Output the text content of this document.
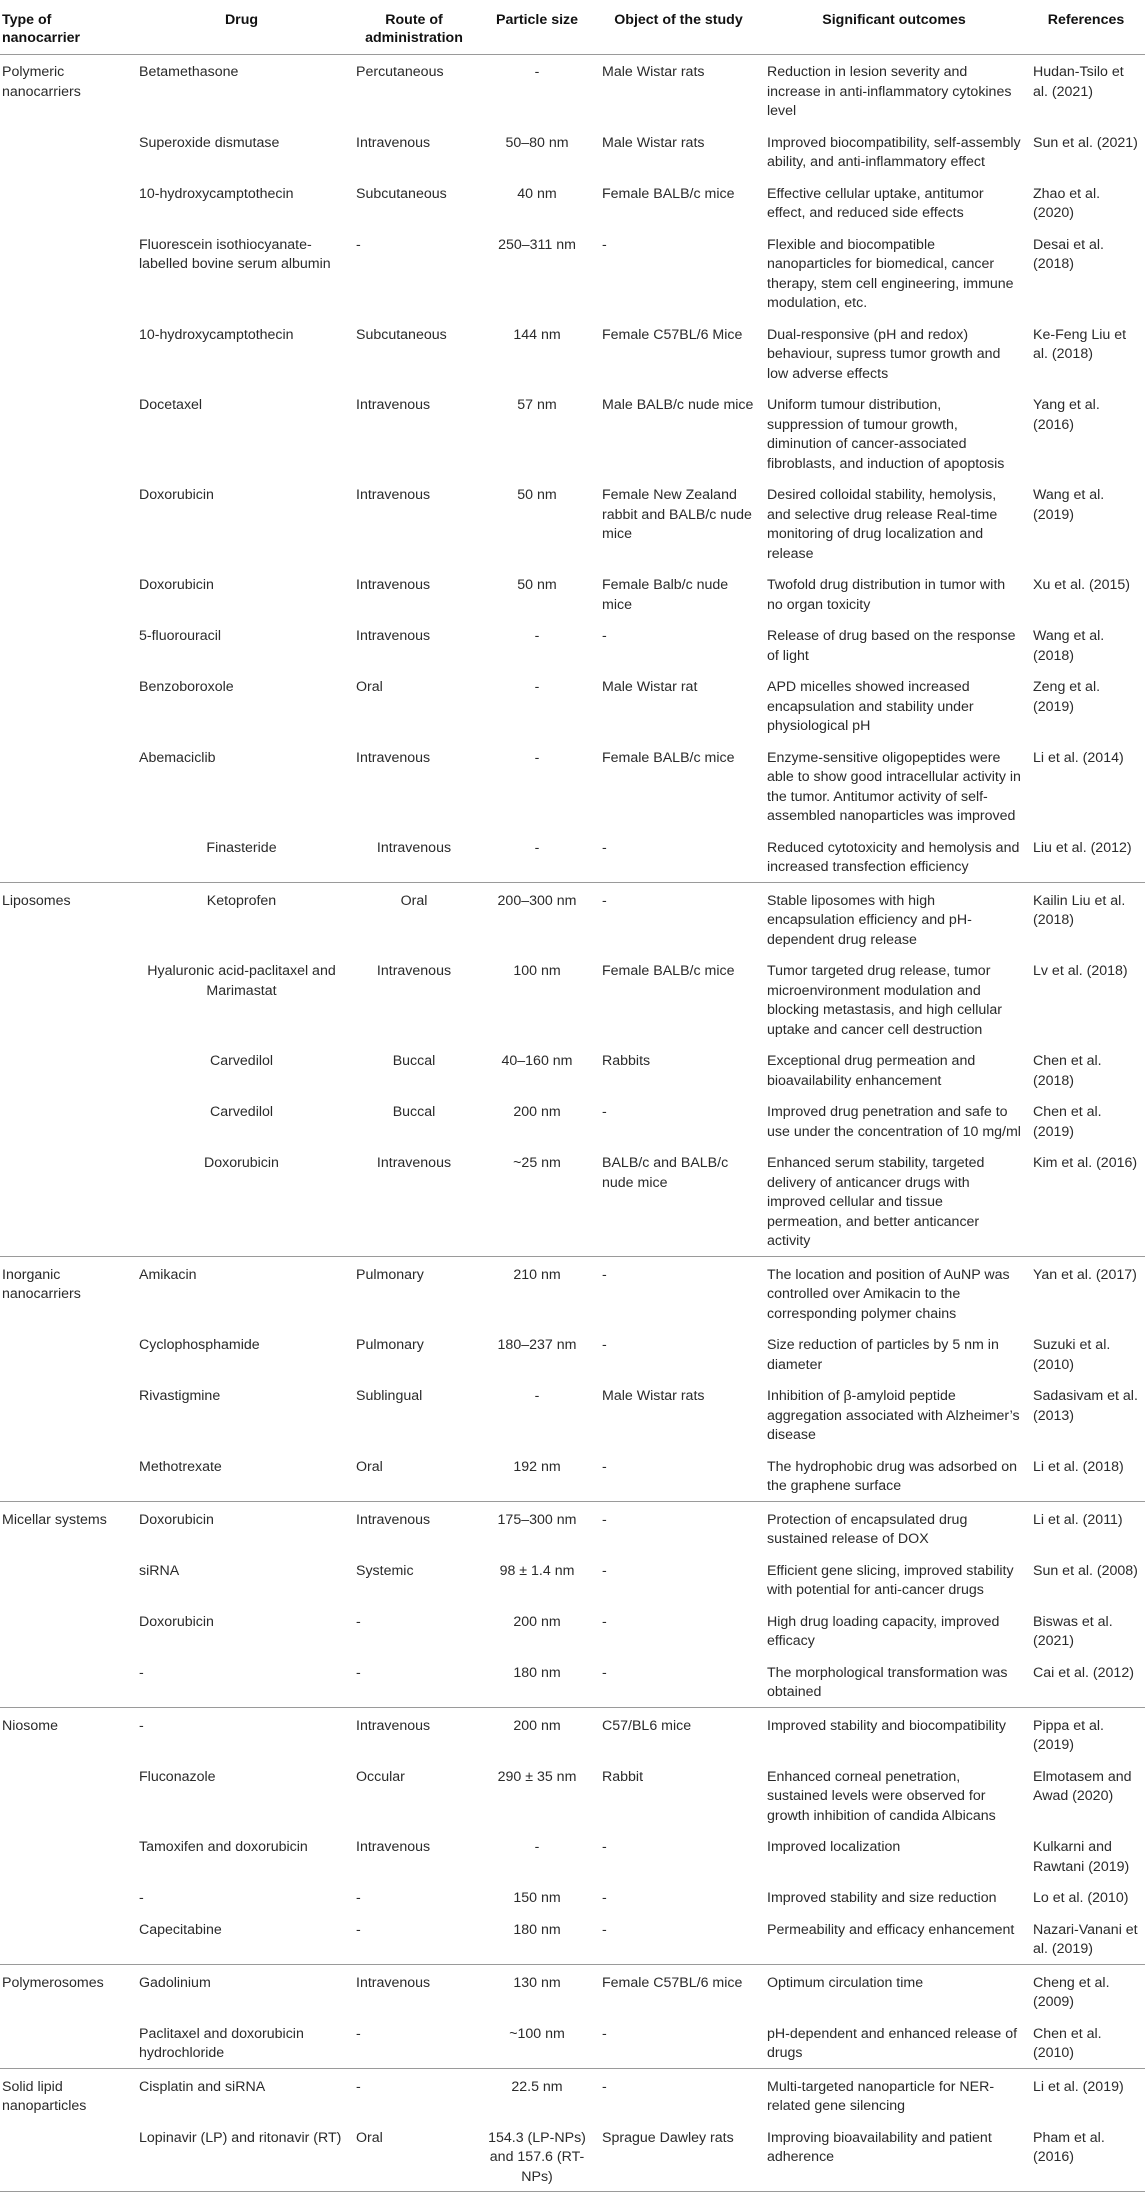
Type of nanocarrier	Drug	Route of administration	Particle size	Object of the study	Significant outcomes	References
Polymeric nanocarriers	Betamethasone	Percutaneous	-	Male Wistar rats	Reduction in lesion severity and increase in anti-inflammatory cytokines level	Hudan-Tsilo et al. (2021)
	Superoxide dismutase	Intravenous	50–80 nm	Male Wistar rats	Improved biocompatibility, self-assembly ability, and anti-inflammatory effect	Sun et al. (2021)
	10-hydroxycamptothecin	Subcutaneous	40 nm	Female BALB/c mice	Effective cellular uptake, antitumor effect, and reduced side effects	Zhao et al. (2020)
	Fluorescein isothiocyanate-labelled bovine serum albumin	-	250–311 nm	-	Flexible and biocompatible nanoparticles for biomedical, cancer therapy, stem cell engineering, immune modulation, etc.	Desai et al. (2018)
	10-hydroxycamptothecin	Subcutaneous	144 nm	Female C57BL/6 Mice	Dual-responsive (pH and redox) behaviour, supress tumor growth and low adverse effects	Ke-Feng Liu et al. (2018)
	Docetaxel	Intravenous	57 nm	Male BALB/c nude mice	Uniform tumour distribution, suppression of tumour growth, diminution of cancer-associated fibroblasts, and induction of apoptosis	Yang et al. (2016)
	Doxorubicin	Intravenous	50 nm	Female New Zealand rabbit and BALB/c nude mice	Desired colloidal stability, hemolysis, and selective drug release Real-time monitoring of drug localization and release	Wang et al. (2019)
	Doxorubicin	Intravenous	50 nm	Female Balb/c nude mice	Twofold drug distribution in tumor with no organ toxicity	Xu et al. (2015)
	5-fluorouracil	Intravenous	-	-	Release of drug based on the response of light	Wang et al. (2018)
	Benzoboroxole	Oral	-	Male Wistar rat	APD micelles showed increased encapsulation and stability under physiological pH	Zeng et al. (2019)
	Abemaciclib	Intravenous	-	Female BALB/c mice	Enzyme-sensitive oligopeptides were able to show good intracellular activity in the tumor. Antitumor activity of self-assembled nanoparticles was improved	Li et al. (2014)
	Finasteride	Intravenous	-	-	Reduced cytotoxicity and hemolysis and increased transfection efficiency	Liu et al. (2012)
Liposomes	Ketoprofen	Oral	200–300 nm	-	Stable liposomes with high encapsulation efficiency and pH-dependent drug release	Kailin Liu et al. (2018)
	Hyaluronic acid-paclitaxel and Marimastat	Intravenous	100 nm	Female BALB/c mice	Tumor targeted drug release, tumor microenvironment modulation and blocking metastasis, and high cellular uptake and cancer cell destruction	Lv et al. (2018)
	Carvedilol	Buccal	40–160 nm	Rabbits	Exceptional drug permeation and bioavailability enhancement	Chen et al. (2018)
	Carvedilol	Buccal	200 nm	-	Improved drug penetration and safe to use under the concentration of 10 mg/ml	Chen et al. (2019)
	Doxorubicin	Intravenous	~25 nm	BALB/c and BALB/c nude mice	Enhanced serum stability, targeted delivery of anticancer drugs with improved cellular and tissue permeation, and better anticancer activity	Kim et al. (2016)
Inorganic nanocarriers	Amikacin	Pulmonary	210 nm	-	The location and position of AuNP was controlled over Amikacin to the corresponding polymer chains	Yan et al. (2017)
	Cyclophosphamide	Pulmonary	180–237 nm	-	Size reduction of particles by 5 nm in diameter	Suzuki et al. (2010)
	Rivastigmine	Sublingual	-	Male Wistar rats	Inhibition of β-amyloid peptide aggregation associated with Alzheimer’s disease	Sadasivam et al. (2013)
	Methotrexate	Oral	192 nm	-	The hydrophobic drug was adsorbed on the graphene surface	Li et al. (2018)
Micellar systems	Doxorubicin	Intravenous	175–300 nm	-	Protection of encapsulated drug sustained release of DOX	Li et al. (2011)
	siRNA	Systemic	98 ± 1.4 nm	-	Efficient gene slicing, improved stability with potential for anti-cancer drugs	Sun et al. (2008)
	Doxorubicin	-	200 nm	-	High drug loading capacity, improved efficacy	Biswas et al. (2021)
	-	-	180 nm	-	The morphological transformation was obtained	Cai et al. (2012)
Niosome	-	Intravenous	200 nm	C57/BL6 mice	Improved stability and biocompatibility	Pippa et al. (2019)
	Fluconazole	Occular	290 ± 35 nm	Rabbit	Enhanced corneal penetration, sustained levels were observed for growth inhibition of candida Albicans	Elmotasem and Awad (2020)
	Tamoxifen and doxorubicin	Intravenous	-	-	Improved localization	Kulkarni and Rawtani (2019)
	-	-	150 nm	-	Improved stability and size reduction	Lo et al. (2010)
	Capecitabine	-	180 nm	-	Permeability and efficacy enhancement	Nazari-Vanani et al. (2019)
Polymerosomes	Gadolinium	Intravenous	130 nm	Female C57BL/6 mice	Optimum circulation time	Cheng et al. (2009)
	Paclitaxel and doxorubicin hydrochloride	-	~100 nm	-	pH-dependent and enhanced release of drugs	Chen et al. (2010)
Solid lipid nanoparticles	Cisplatin and siRNA	-	22.5 nm	-	Multi-targeted nanoparticle for NER-related gene silencing	Li et al. (2019)
	Lopinavir (LP) and ritonavir (RT)	Oral	154.3 (LP-NPs) and 157.6 (RT-NPs)	Sprague Dawley rats	Improving bioavailability and patient adherence	Pham et al. (2016)
